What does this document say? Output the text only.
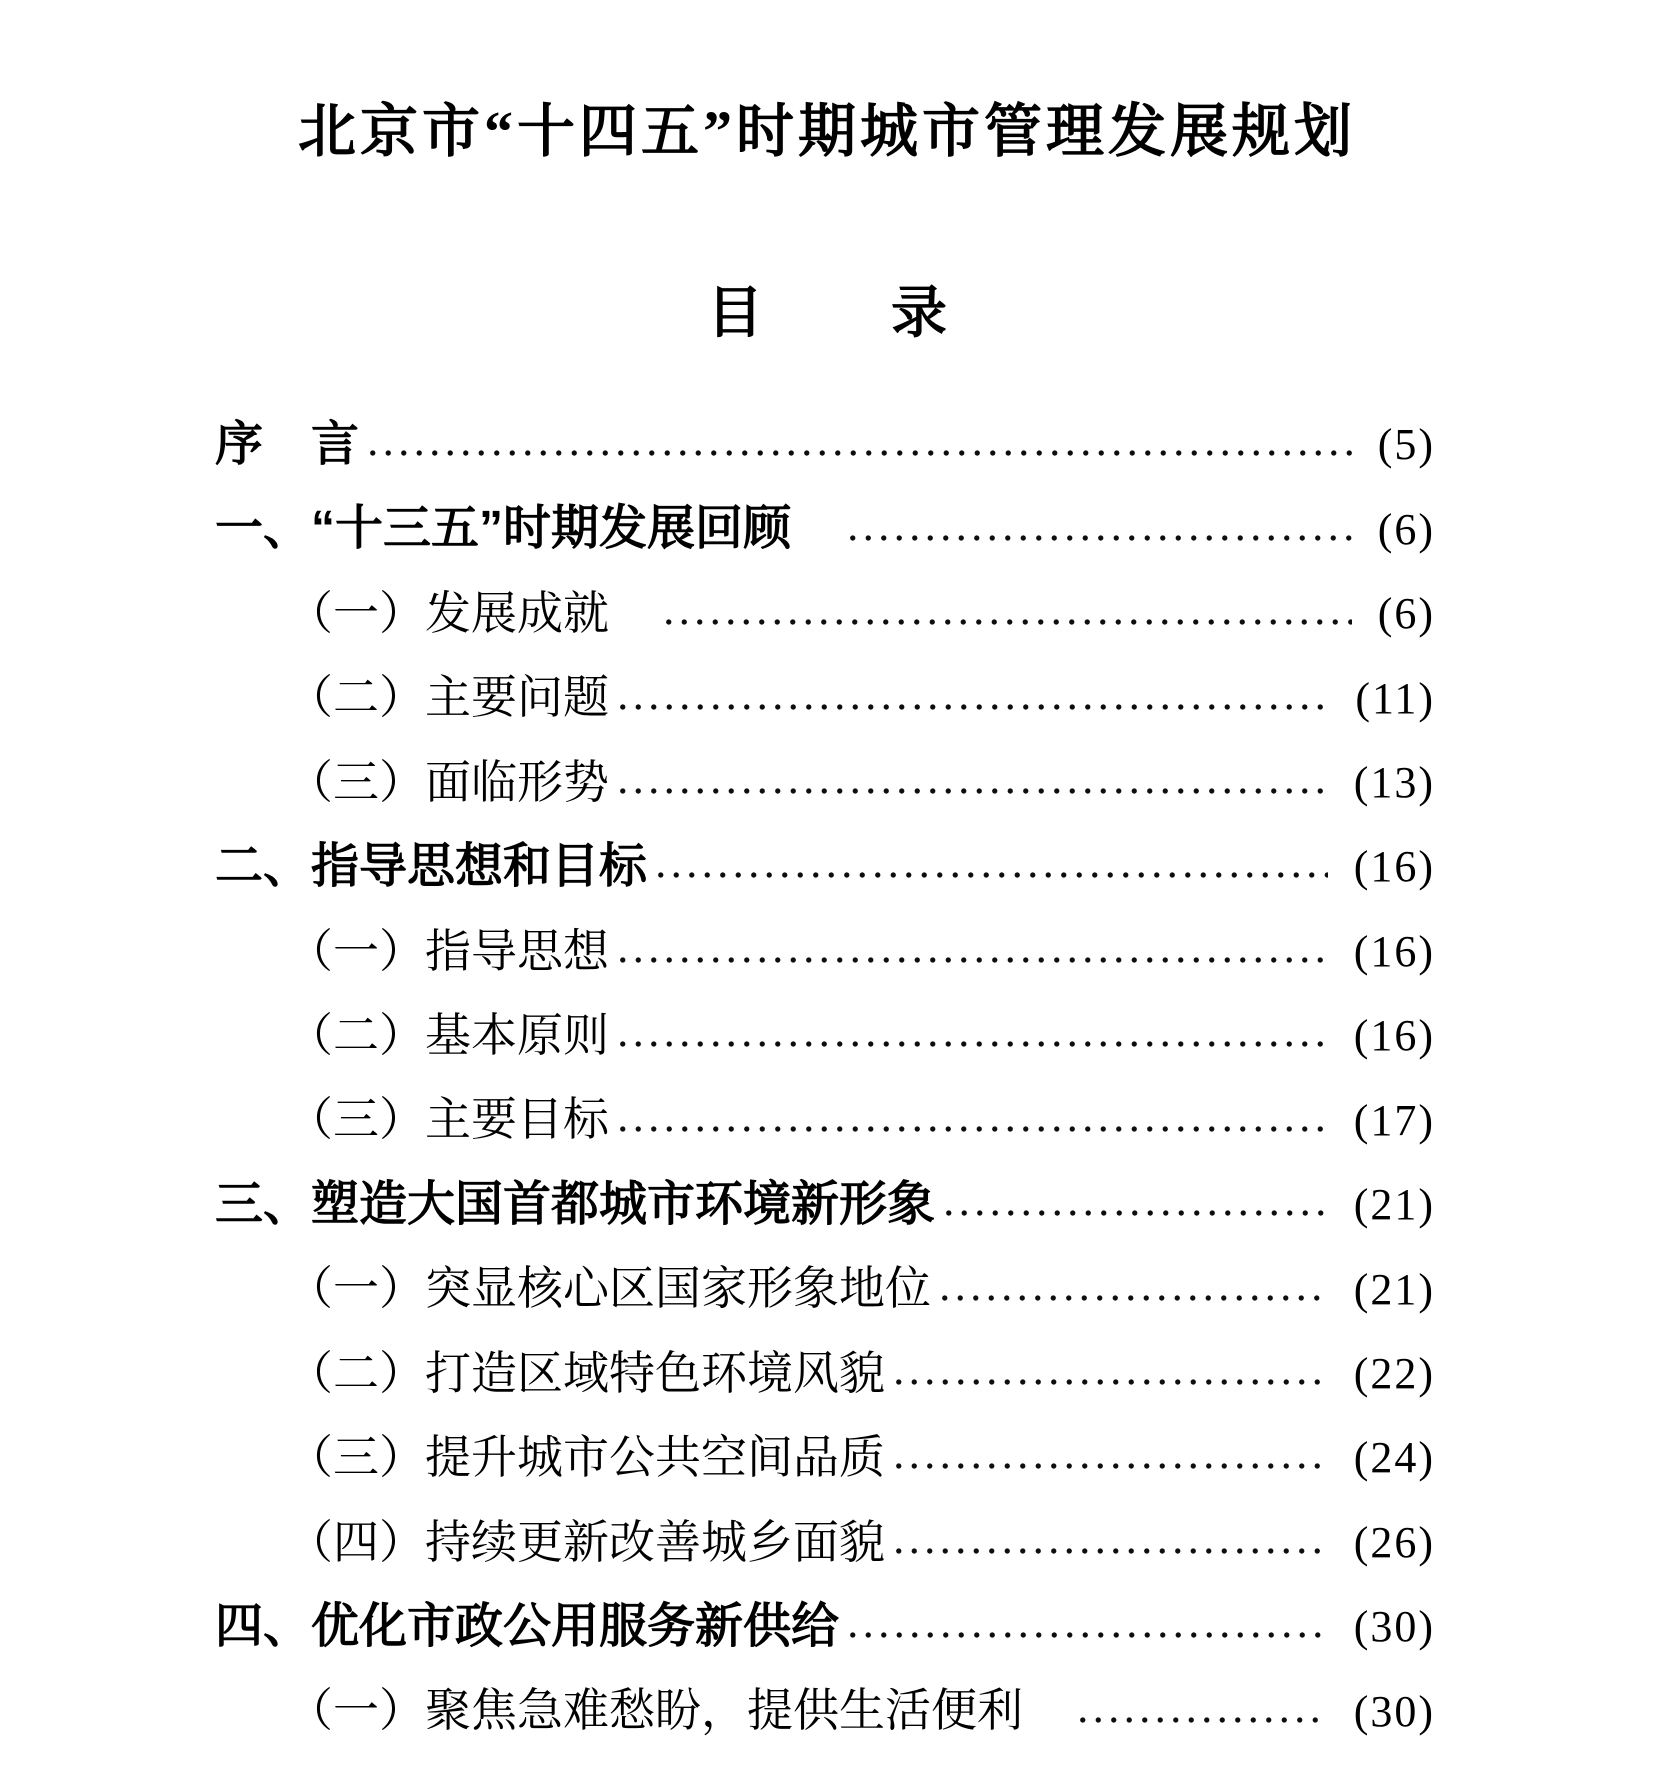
北京市“十四五”时期城市管理发展规划
目 录
序　言	(5)
一、“十三五”时期发展回顾　	(6)
（一）发展成就　	(6)
（二）主要问题	(11)
（三）面临形势	(13)
二、指导思想和目标	(16)
（一）指导思想	(16)
（二）基本原则	(16)
（三）主要目标	(17)
三、塑造大国首都城市环境新形象	(21)
（一）突显核心区国家形象地位	(21)
（二）打造区域特色环境风貌	(22)
（三）提升城市公共空间品质	(24)
（四）持续更新改善城乡面貌	(26)
四、优化市政公用服务新供给	(30)
（一）聚焦急难愁盼，提供生活便利　	(30)
